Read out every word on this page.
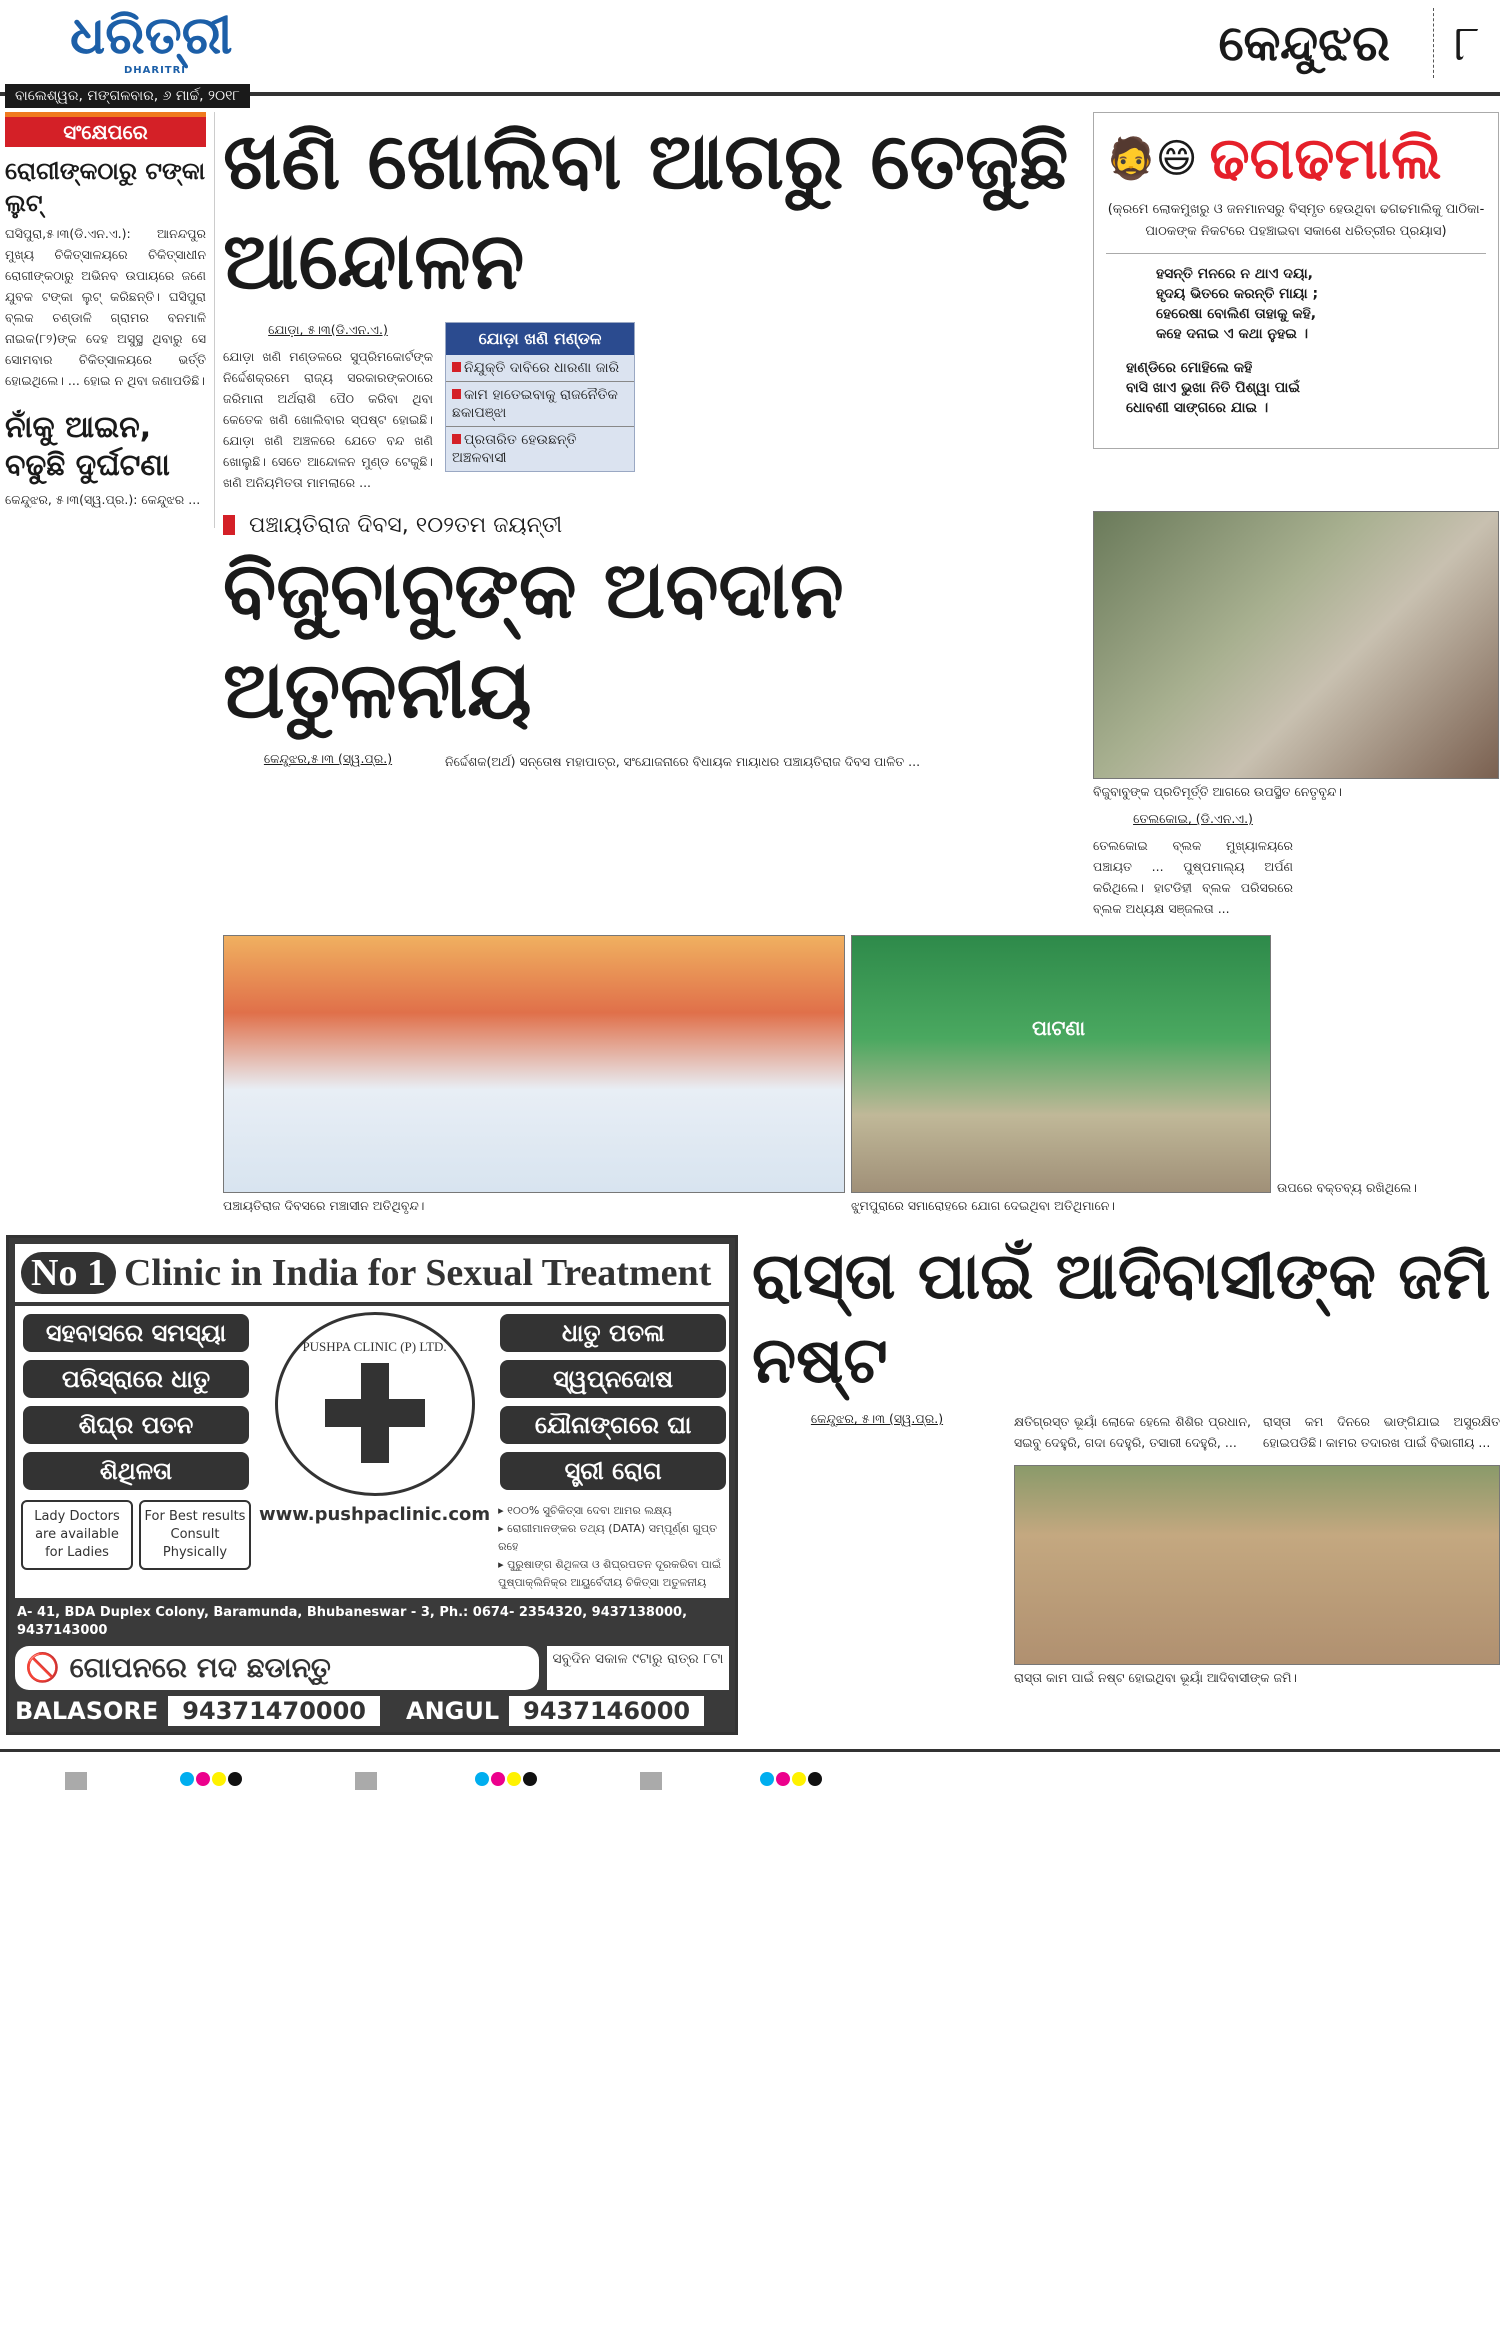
ଧରିତ୍ରୀ
DHARITRI
ବାଲେଶ୍ୱର, ମଙ୍ଗଳବାର, ୬ ମାର୍ଚ୍ଚ, ୨୦୧୮
କେନ୍ଦୁଝର	୮
ସଂକ୍ଷେପରେ
ରୋଗୀଙ୍କଠାରୁ ଟଙ୍କା ଲୁଟ୍

ଘସିପୁରା,୫।୩(ଡି.ଏନ.ଏ.): ଆନନ୍ଦପୁର ମୁଖ୍ୟ ଚିକିତ୍ସାଳୟରେ ଚିକିତ୍ସାଧୀନ ରୋଗୀଙ୍କଠାରୁ ଅଭିନବ ଉପାୟରେ ଜଣେ ଯୁବକ ଟଙ୍କା ଲୁଟ୍ କରିଛନ୍ତି। ଘସିପୁରା ବ୍ଲକ ଚଣ୍ଡାଳି ଗ୍ରାମର ବନମାଳି ନାଇକ(୮୨)ଙ୍କ ଦେହ ଅସୁସ୍ଥ ଥିବାରୁ ସେ ସୋମବାର ଚିକିତ୍ସାଳୟରେ ଭର୍ତ୍ତି ହୋଇଥିଲେ। ... ହୋଇ ନ ଥିବା ଜଣାପଡିଛି।

ନାଁକୁ ଆଇନ, ବଢୁଛି ଦୁର୍ଘଟଣା

କେନ୍ଦୁଝର, ୫।୩(ସ୍ୱ.ପ୍ର.): କେନ୍ଦୁଝର ...

ଖଣି ଖୋଲିବା ଆଗରୁ ତେଜୁଛି ଆନ୍ଦୋଳନ
ଯୋଡ଼ା, ୫।୩(ଡି.ଏନ.ଏ.)

ଯୋଡ଼ା ଖଣି ମଣ୍ଡଳରେ ସୁପ୍ରିମକୋର୍ଟଙ୍କ ନିର୍ଦ୍ଦେଶକ୍ରମେ ରାଜ୍ୟ ସରକାରଙ୍କଠାରେ ଜରିମାନା ଅର୍ଥରାଶି ପୈଠ କରିବା ଥିବା କେତେକ ଖଣି ଖୋଲିବାର ସ୍ପଷ୍ଟ ହୋଇଛି। ଯୋଡ଼ା ଖଣି ଅଞ୍ଚଳରେ ଯେତେ ବନ୍ଦ ଖଣି ଖୋଲୁଛି। ସେତେ ଆନ୍ଦୋଳନ ମୁଣ୍ଡ ଟେକୁଛି। ଖଣି ଅନିୟମିତତା ମାମଲାରେ ...

ଯୋଡ଼ା ଖଣି ମଣ୍ଡଳ
ନିଯୁକ୍ତି ଦାବିରେ ଧାରଣା ଜାରି
କାମ ହାତେଇବାକୁ ରାଜନୈତିକ ଛକାପଞ୍ଝା
ପ୍ରତାରିତ ହେଉଛନ୍ତି ଅଞ୍ଚଳବାସୀ
🧔😄 ଢଗଢମାଲି

(କ୍ରମେ ଲୋକମୁଖରୁ ଓ ଜନମାନସରୁ ବିସ୍ମୃତ ହେଉଥିବା ଢଗଢମାଲିକୁ ପାଠିକା-ପାଠକଙ୍କ ନିକଟରେ ପହଞ୍ଚାଇବା ସକାଶେ ଧରିତ୍ରୀର ପ୍ରୟାସ)

ହସନ୍ତି ମନରେ ନ ଥାଏ ଦୟା,
ହୃଦୟ ଭିତରେ କରନ୍ତି ମାୟା ;
ହେରେଷା ବୋଲିଣ ତାହାକୁ କହି,
କହେ ଦନାଇ ଏ କଥା ନୁହଇ ।
ହାଣ୍ଡିରେ ମୋହିଲେ କହି
ବାସି ଖାଏ ଭୁଖା ନିତି ପିଶ୍ୱା ପାଇଁ
ଧୋବଣୀ ସାଙ୍ଗରେ ଯାଇ ।
ପଞ୍ଚାୟତିରାଜ ଦିବସ, ୧୦୨ତମ ଜୟନ୍ତୀ
ବିଜୁବାବୁଙ୍କ ଅବଦାନ ଅତୁଳନୀୟ
କେନ୍ଦୁଝର,୫।୩ (ସ୍ୱ.ପ୍ର.)	ନିର୍ଦ୍ଦେଶକ(ଅର୍ଥ) ସନ୍ତୋଷ ମହାପାତ୍ର, ସଂଯୋଜନାରେ ବିଧାୟକ ମାୟାଧର ପଞ୍ଚାୟତିରାଜ ଦିବସ ପାଳିତ ...

ବିଜୁବାବୁଙ୍କ ପ୍ରତିମୂର୍ତ୍ତି ଆଗରେ ଉପସ୍ଥିତ ନେତୃବୃନ୍ଦ।
ତେଲକୋଇ, (ଡି.ଏନ.ଏ.)

ତେଲକୋଇ ବ୍ଲକ ମୁଖ୍ୟାଳୟରେ ପଞ୍ଚାୟତ ... ପୁଷ୍ପମାଲ୍ୟ ଅର୍ପଣ କରିଥିଲେ। ହାଟଡିହୀ ବ୍ଲକ ପରିସରରେ ବ୍ଲକ ଅଧ୍ୟକ୍ଷ ସଞ୍ଜଲତା ...

ପଞ୍ଚାୟତିରାଜ ଦିବସରେ ମଞ୍ଚାସୀନ ଅତିଥିବୃନ୍ଦ।
ପାଟଣା
ଝୁମପୁରାରେ ସମାରୋହରେ ଯୋଗ ଦେଇଥିବା ଅତିଥିମାନେ।
ଉପରେ ବକ୍ତବ୍ୟ ରଖିଥିଲେ।
No 1 Clinic in India for Sexual Treatment
ସହବାସରେ ସମସ୍ୟା
ପରିସ୍ରାରେ ଧାତୁ
ଶିଘ୍ର ପତନ
ଶିଥିଳତା
Lady Doctors are available for Ladies
For Best results Consult Physically
PUSHPA CLINIC (P) LTD.
www.pushpaclinic.com
ଧାତୁ ପତଳା
ସ୍ୱପ୍ନଦୋଷ
ଯୌନାଙ୍ଗରେ ଘା
ସ୍ତ୍ରୀ ରୋଗ
▸ ୧୦୦% ସୁଚିକିତ୍ସା ଦେବା ଆମର ଲକ୍ଷ୍ୟ
▸ ରୋଗୀମାନଙ୍କର ତଥ୍ୟ (DATA) ସମ୍ପୂର୍ଣ୍ଣ ଗୁପ୍ତ ରହେ
▸ ପୁରୁଷାଙ୍ଗ ଶିଥିଳତା ଓ ଶିଘ୍ରପତନ ଦୂରକରିବା ପାଇଁ ପୁଷ୍ପାକ୍ଲିନିକ୍‌ର ଆୟୁର୍ବେଦୀୟ ଚିକିତ୍ସା ଅତୁଳନୀୟ
A- 41, BDA Duplex Colony, Baramunda, Bhubaneswar - 3, Ph.: 0674- 2354320, 9437138000, 9437143000
🚫 ଗୋପନରେ ମଦ ଛଡାନ୍ତୁ	ସବୁଦିନ ସକାଳ ୯ଟାରୁ ରାତ୍ର ୮ଟା
BALASORE	94371470000	ANGUL	9437146000
ରାସ୍ତା ପାଇଁ ଆଦିବାସୀଙ୍କ ଜମି ନଷ୍ଟ
କେନ୍ଦୁଝର, ୫।୩ (ସ୍ୱ.ପ୍ର.)	କ୍ଷତିଗ୍ରସ୍ତ ଭୂୟାଁ ଲୋକେ ହେଲେ ଶିଶିର ପ୍ରଧାନ, ସଇବୁ ଦେହୁରି, ଗଦା ଦେହୁରି, ତସାରୀ ଦେହୁରି, ...

ରାସ୍ତା କମ ଦିନରେ ଭାଙ୍ଗିଯାଇ ଅସୁରକ୍ଷିତ ହୋଇପଡିଛି। କାମର ତଦାରଖ ପାଇଁ ବିଭାଗୀୟ ...

ରାସ୍ତା କାମ ପାଇଁ ନଷ୍ଟ ହୋଇଥିବା ଭୂୟାଁ ଆଦିବାସୀଙ୍କ ଜମି।
